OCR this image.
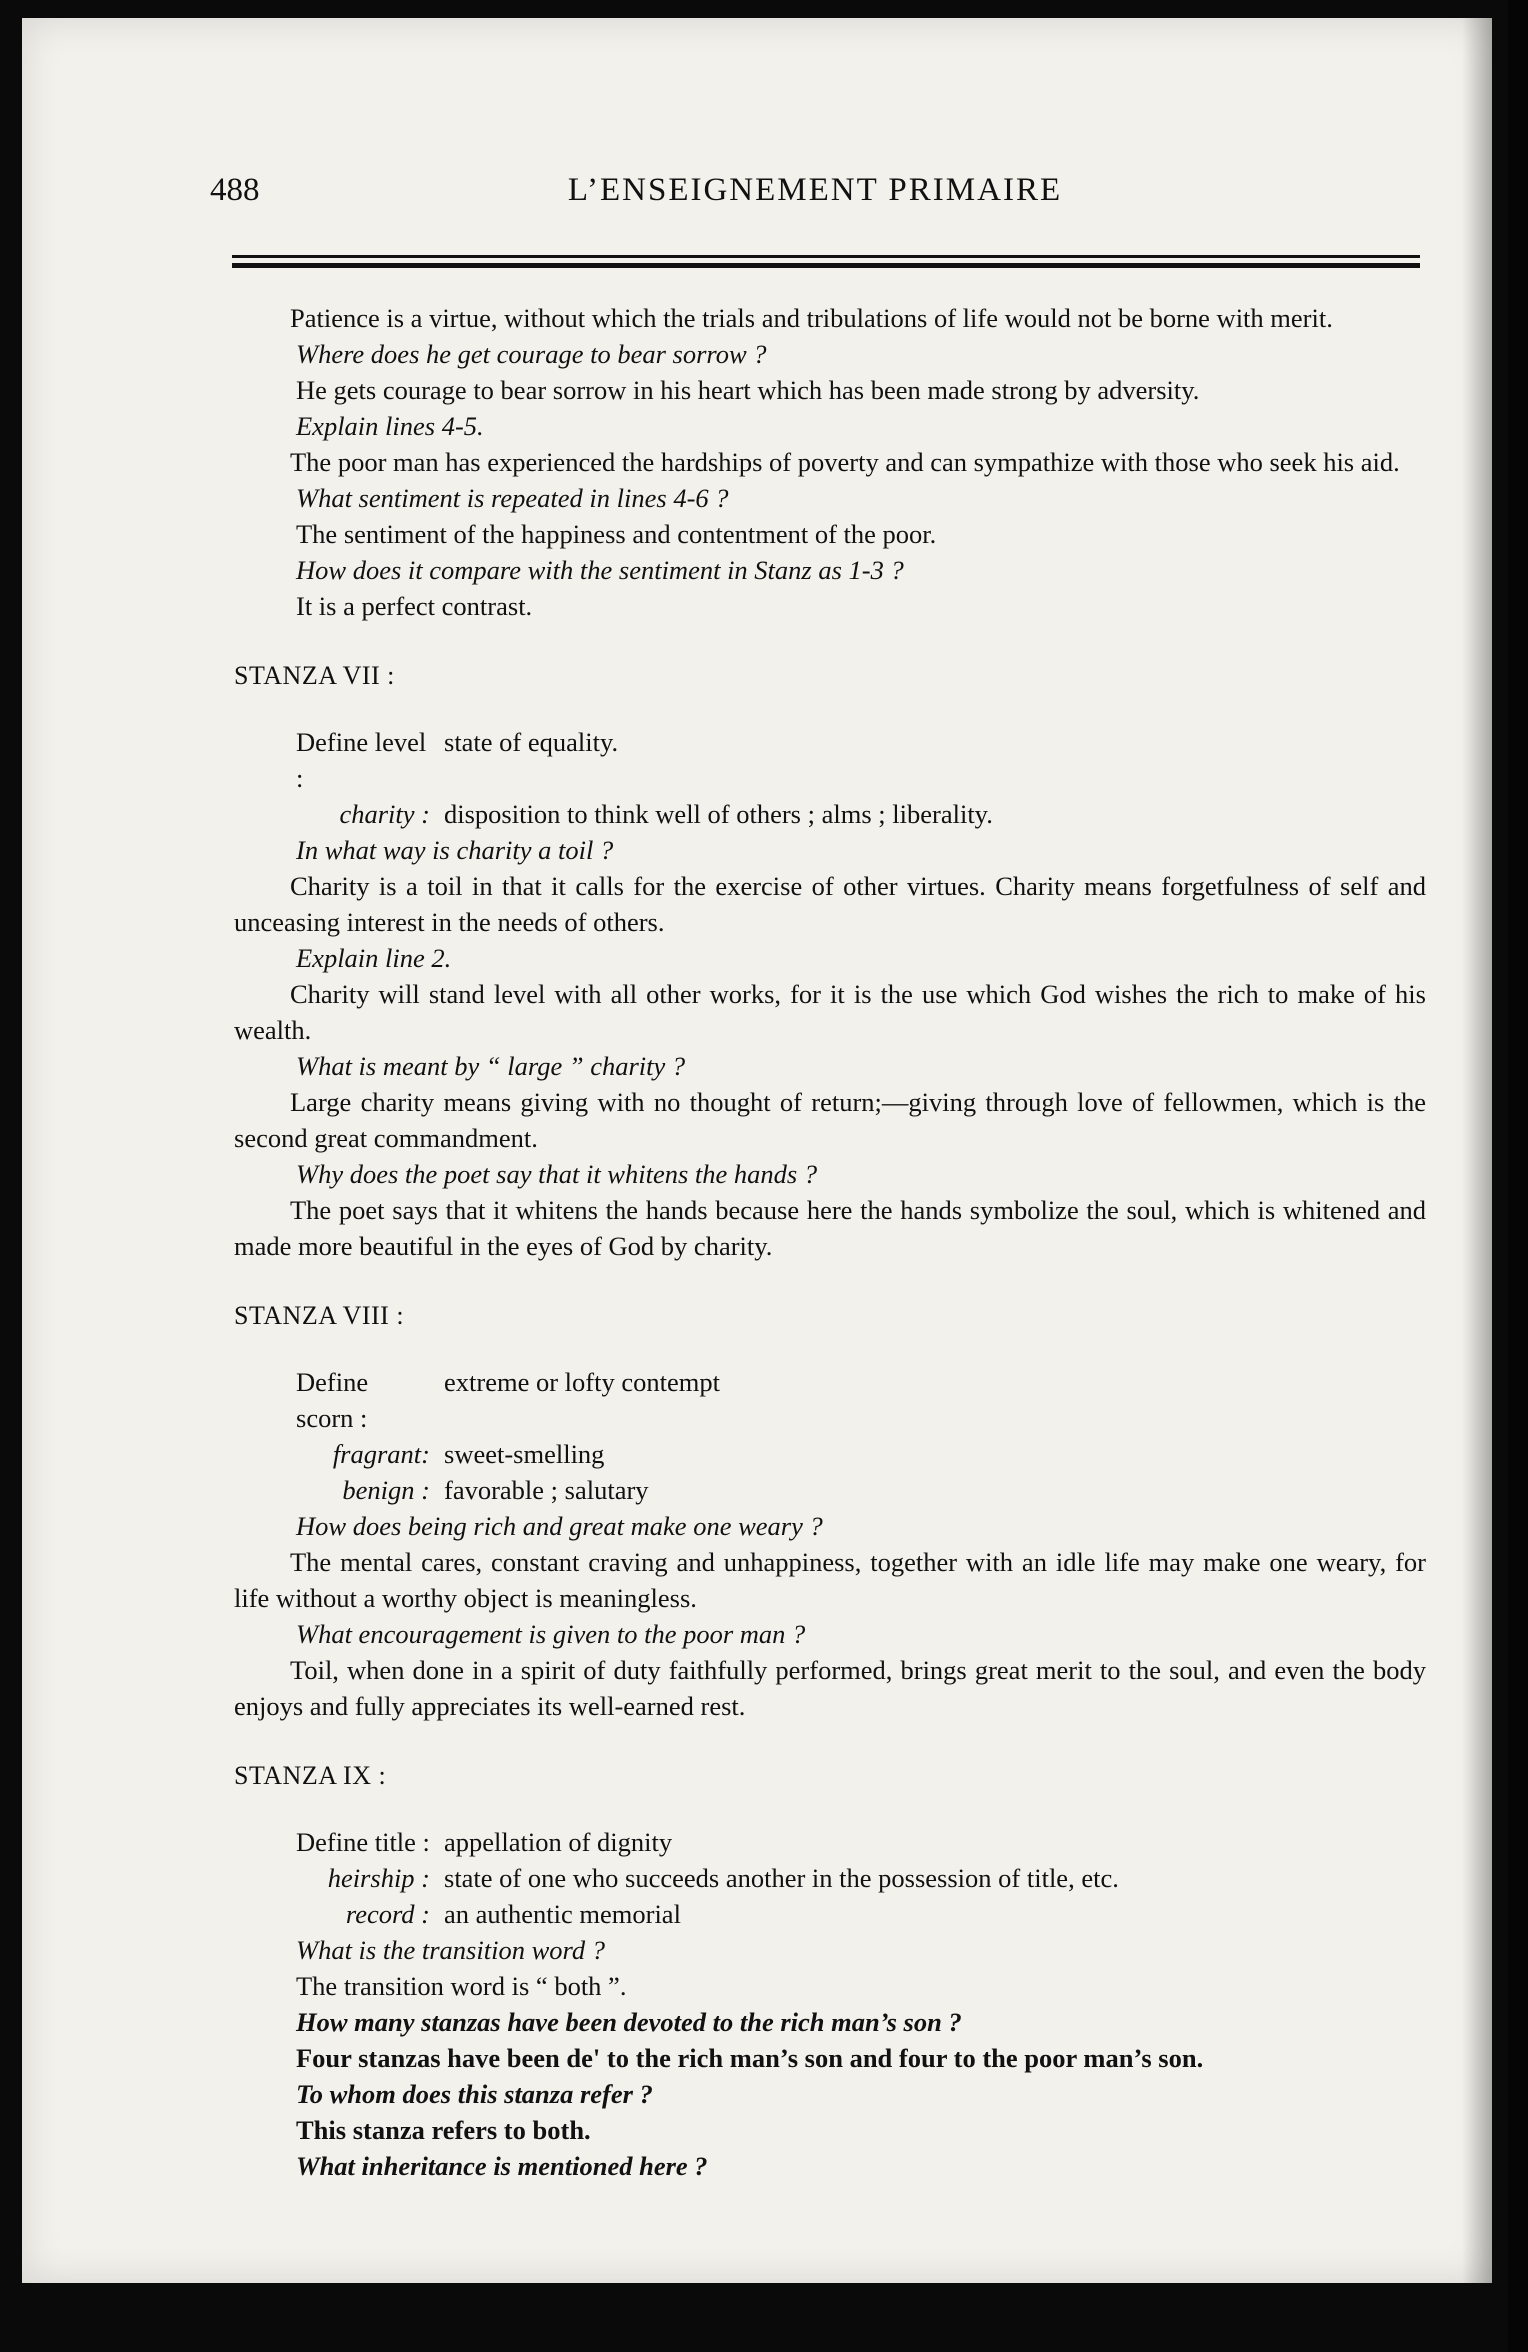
488	L’ENSEIGNEMENT PRIMAIRE

Patience is a virtue, without which the trials and tribulations of life would not be borne with merit.

Where does he get courage to bear sorrow ?

He gets courage to bear sorrow in his heart which has been made strong by adversity.

Explain lines 4-5.

The poor man has experienced the hardships of poverty and can sympathize with those who seek his aid.

What sentiment is repeated in lines 4-6 ?

The sentiment of the happiness and contentment of the poor.

How does it compare with the sentiment in Stanz as 1-3 ?

It is a perfect contrast.

STANZA VII :
Define level :
state of equality.
charity : disposition to think well of others ; alms ; liberality.

In what way is charity a toil ?

Charity is a toil in that it calls for the exercise of other virtues. Charity means forgetfulness of self and unceasing interest in the needs of others.

Explain line 2.

Charity will stand level with all other works, for it is the use which God wishes the rich to make of his wealth.

What is meant by “ large ” charity ?

Large charity means giving with no thought of return;—giving through love of fellowmen, which is the second great commandment.

Why does the poet say that it whitens the hands ?

The poet says that it whitens the hands because here the hands symbolize the soul, which is whitened and made more beautiful in the eyes of God by charity.

STANZA VIII :
Define scorn :
extreme or lofty contempt
fragrant: sweet-smelling
benign : favorable ; salutary

How does being rich and great make one weary ?

The mental cares, constant craving and unhappiness, together with an idle life may make one weary, for life without a worthy object is meaningless.

What encouragement is given to the poor man ?

Toil, when done in a spirit of duty faithfully performed, brings great merit to the soul, and even the body enjoys and fully appreciates its well-earned rest.

STANZA IX :
Define title : appellation of dignity
heirship : state of one who succeeds another in the possession of title, etc.
record : an authentic memorial

What is the transition word ?

The transition word is “ both ”.

How many stanzas have been devoted to the rich man’s son ?

Four stanzas have been de' to the rich man’s son and four to the poor man’s son.

To whom does this stanza refer ?

This stanza refers to both.

What inheritance is mentioned here ?
